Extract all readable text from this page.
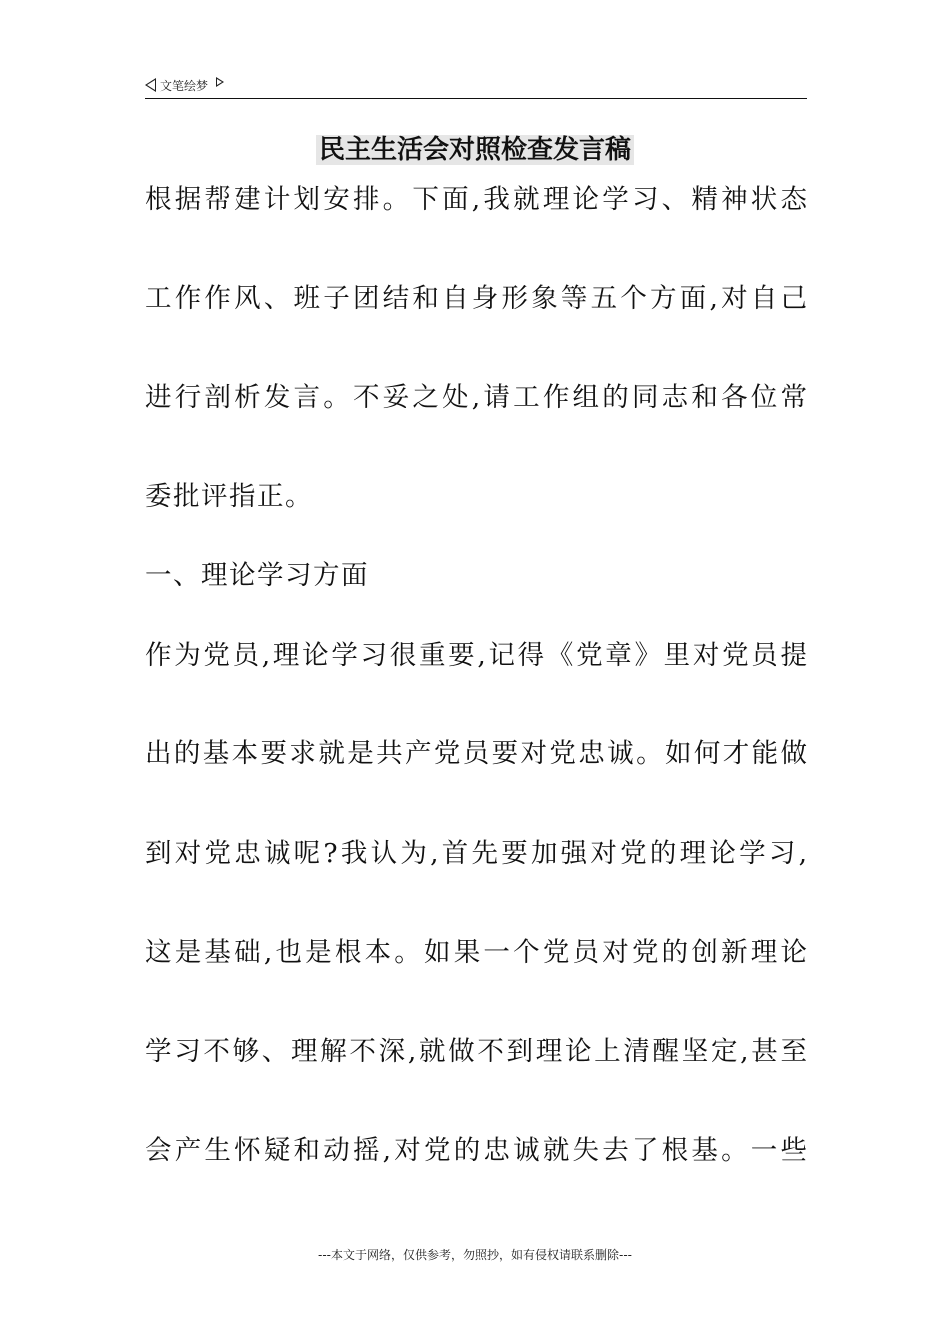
文笔绘梦
民主生活会对照检查发言稿
根据帮建计划安排。下面,我就理论学习、精神状态
工作作风、班子团结和自身形象等五个方面,对自己
进行剖析发言。不妥之处,请工作组的同志和各位常
委批评指正。
一、理论学习方面
作为党员,理论学习很重要,记得《党章》里对党员提
出的基本要求就是共产党员要对党忠诚。如何才能做
到对党忠诚呢?我认为,首先要加强对党的理论学习,
这是基础,也是根本。如果一个党员对党的创新理论
学习不够、理解不深,就做不到理论上清醒坚定,甚至
会产生怀疑和动摇,对党的忠诚就失去了根基。一些
---本文于网络，仅供参考，勿照抄，如有侵权请联系删除---
